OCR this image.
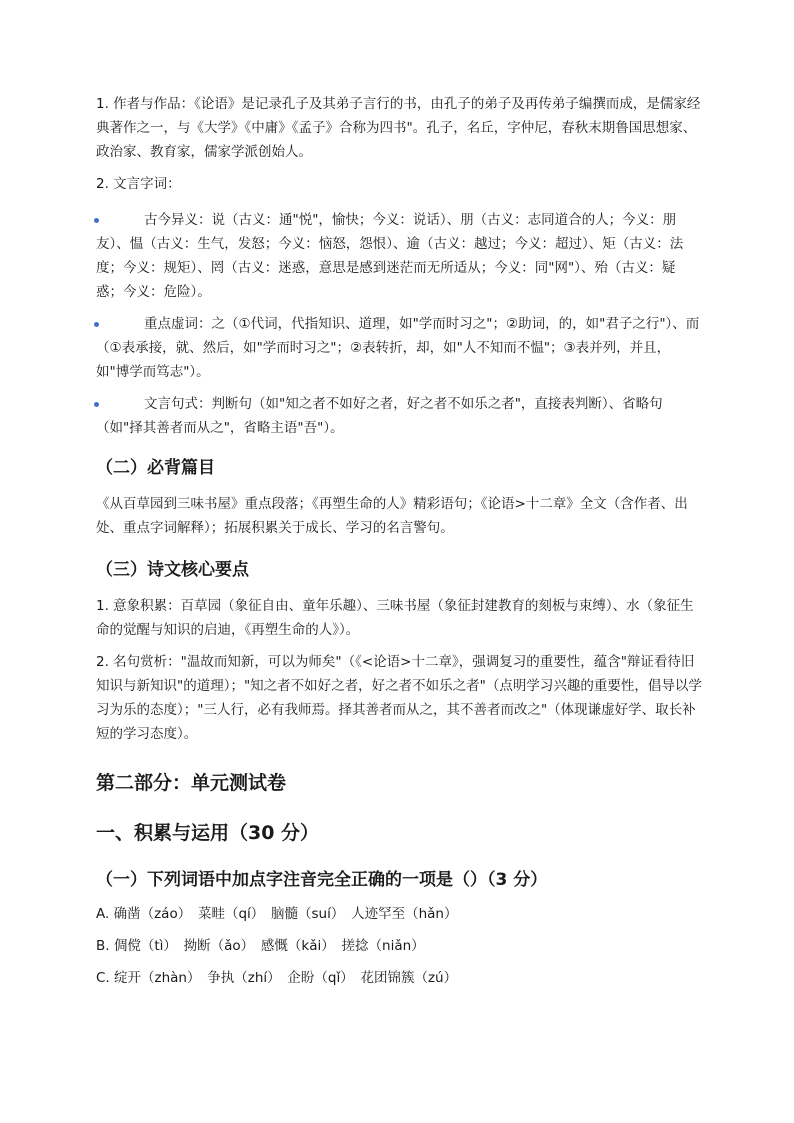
1. 作者与作品：《论语》是记录孔子及其弟子言行的书，由孔子的弟子及再传弟子编撰而成，是儒家经典著作之一，与《大学》《中庸》《孟子》合称为四书"。孔子，名丘，字仲尼，春秋末期鲁国思想家、政治家、教育家，儒家学派创始人。

2. 文言字词：

古今异义：说（古义：通"悦"，愉快；今义：说话）、朋（古义：志同道合的人；今义：朋友）、愠（古义：生气，发怒；今义：恼怒，怨恨）、逾（古义：越过；今义：超过）、矩（古义：法度；今义：规矩）、罔（古义：迷惑，意思是感到迷茫而无所适从；今义：同"网"）、殆（古义：疑惑；今义：危险）。

重点虚词：之（①代词，代指知识、道理，如"学而时习之"；②助词，的，如"君子之行"）、而（①表承接，就、然后，如"学而时习之"；②表转折，却，如"人不知而不愠"；③表并列，并且，如"博学而笃志"）。

文言句式：判断句（如"知之者不如好之者，好之者不如乐之者"，直接表判断）、省略句（如"择其善者而从之"，省略主语"吾"）。

（二）必背篇目

《从百草园到三味书屋》重点段落；《再塑生命的人》精彩语句；《论语>十二章》全文（含作者、出处、重点字词解释）；拓展积累关于成长、学习的名言警句。

（三）诗文核心要点

1. 意象积累：百草园（象征自由、童年乐趣）、三味书屋（象征封建教育的刻板与束缚）、水（象征生命的觉醒与知识的启迪，《再塑生命的人》）。

2. 名句赏析："温故而知新，可以为师矣"（《<论语>十二章》，强调复习的重要性，蕴含"辩证看待旧知识与新知识"的道理）；"知之者不如好之者，好之者不如乐之者"（点明学习兴趣的重要性，倡导以学习为乐的态度）；"三人行，必有我师焉。择其善者而从之，其不善者而改之"（体现谦虚好学、取长补短的学习态度）。

第二部分：单元测试卷
一、积累与运用（30 分）
（一）下列词语中加点字注音完全正确的一项是（）（3 分）

A. 确凿（záo）　菜畦（qí）　脑髓（suí）　人迹罕至（hǎn）

B. 倜傥（tì）　拗断（ǎo）　感慨（kǎi）　搓捻（niǎn）

C. 绽开（zhàn）　争执（zhí）　企盼（qǐ）　花团锦簇（zú）
